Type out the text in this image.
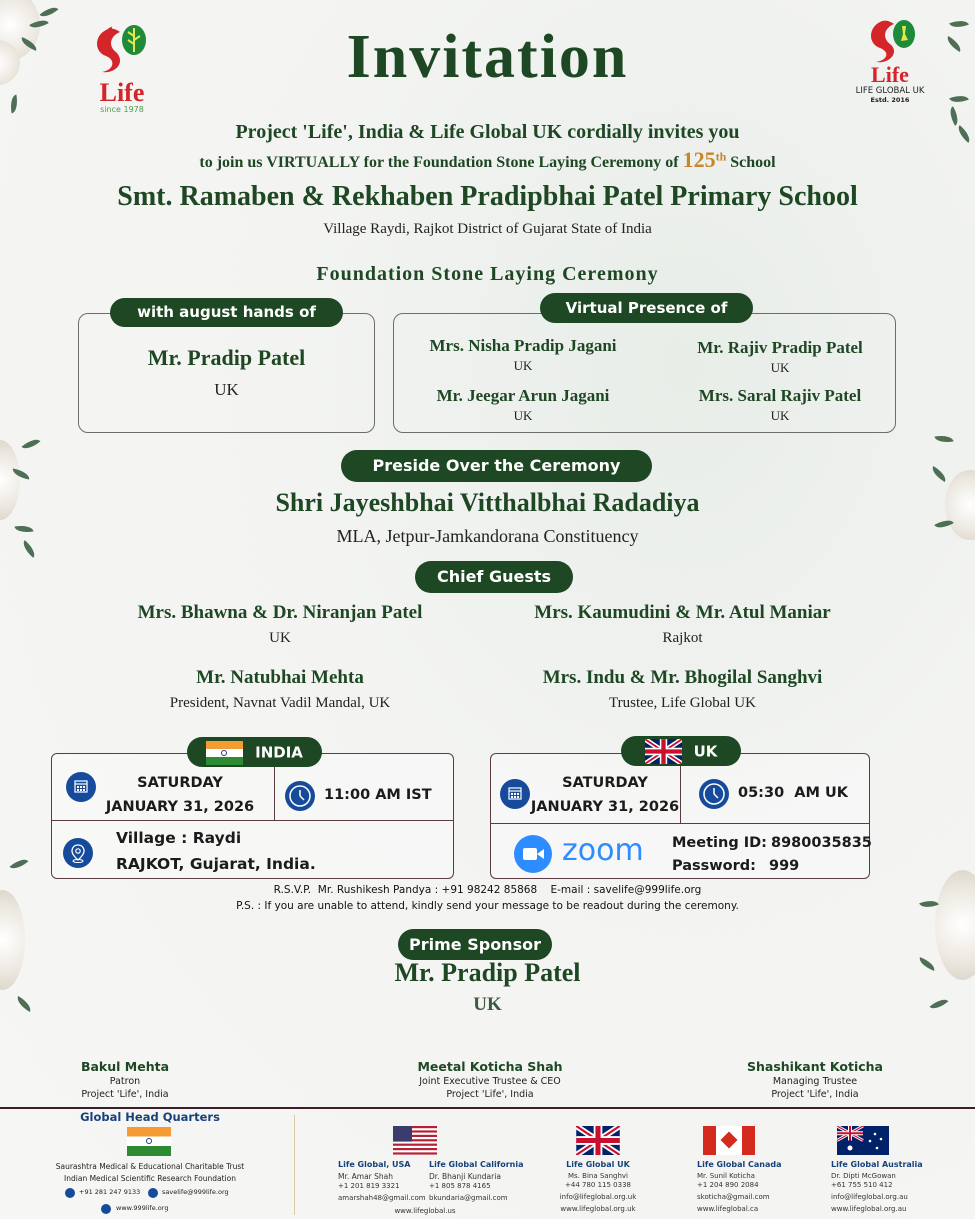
Life
since 1978
Life
LIFE GLOBAL UK
Estd. 2016
Invitation
Project 'Life', India & Life Global UK cordially invites you
to join us VIRTUALLY for the Foundation Stone Laying Ceremony of 125th School
Smt. Ramaben & Rekhaben Pradipbhai Patel Primary School
Village Raydi, Rajkot District of Gujarat State of India
Foundation Stone Laying Ceremony
with august hands of
Mr. Pradip Patel
UK
Virtual Presence of
Mrs. Nisha Pradip Jagani
UK
Mr. Rajiv Pradip Patel
UK
Mr. Jeegar Arun Jagani
UK
Mrs. Saral Rajiv Patel
UK
Preside Over the Ceremony
Shri Jayeshbhai Vitthalbhai Radadiya
MLA, Jetpur-Jamkandorana Constituency
Chief Guests
Mrs. Bhawna & Dr. Niranjan Patel
UK
Mrs. Kaumudini & Mr. Atul Maniar
Rajkot
Mr. Natubhai Mehta
President, Navnat Vadil Mandal, UK
Mrs. Indu & Mr. Bhogilal Sanghvi
Trustee, Life Global UK
INDIA
SATURDAY
JANUARY 31, 2026
11:00 AM IST
Village : Raydi
RAJKOT, Gujarat, India.
UK
SATURDAY
JANUARY 31, 2026
05:30  AM UK
zoom Meeting ID: 8980035835
Password: 999
R.S.V.P.  Mr. Rushikesh Pandya : +91 98242 85868    E-mail : savelife@999life.org
P.S. : If you are unable to attend, kindly send your message to be readout during the ceremony.
Prime Sponsor
Mr. Pradip Patel
UK
Bakul Mehta
Patron
Project 'Life', India
Meetal Koticha Shah
Joint Executive Trustee & CEO
Project 'Life', India
Shashikant Koticha
Managing Trustee
Project 'Life', India
Global Head Quarters
Saurashtra Medical & Educational Charitable Trust
Indian Medical Scientific Research Foundation
+91 281 247 9133	savelife@999life.org
www.999life.org
Life Global, USA
Mr. Amar Shah
+1 201 819 3321
amarshah48@gmail.com
Life Global California
Dr. Bhanji Kundaria
+1 805 878 4165
bkundaria@gmail.com
www.lifeglobal.us
Life Global UK
Ms. Bina Sanghvi
+44 780 115 0338
info@lifeglobal.org.uk
www.lifeglobal.org.uk
Life Global Canada
Mr. Sunil Koticha
+1 204 890 2084
skoticha@gmail.com
www.lifeglobal.ca
Life Global Australia
Dr. Dipti McGowan
+61 755 510 412
info@lifeglobal.org.au
www.lifeglobal.org.au
